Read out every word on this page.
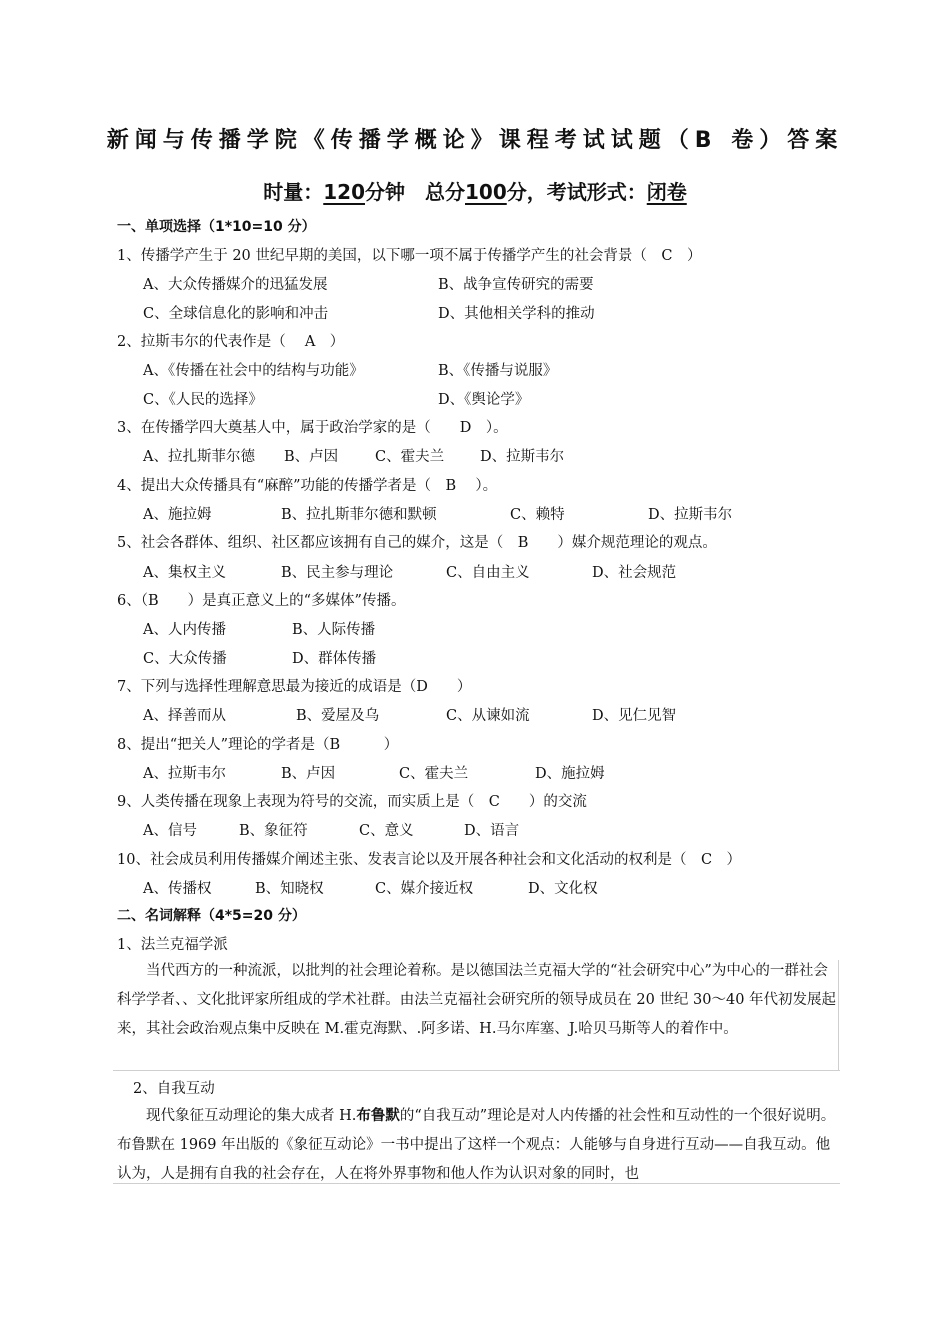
新闻与传播学院《传播学概论》课程考试试题（B 卷）答案
时量：120分钟　总分100分，考试形式：闭卷
一、单项选择（1*10=10 分）
1、传播学产生于 20 世纪早期的美国，以下哪一项不属于传播学产生的社会背景（　C　）
A、大众传播媒介的迅猛发展	B、战争宣传研究的需要
C、全球信息化的影响和冲击	D、其他相关学科的推动
2、拉斯韦尔的代表作是（　 A　）
A、《传播在社会中的结构与功能》	B、《传播与说服》
C、《人民的选择》	D、《舆论学》
3、在传播学四大奠基人中，属于政治学家的是（　　D　）。
A、拉扎斯菲尔德 B、卢因	C、霍夫兰 D、拉斯韦尔
4、提出大众传播具有“麻醉”功能的传播学者是（　B　 ）。
A、施拉姆	B、拉扎斯菲尔德和默顿	C、赖特	D、拉斯韦尔
5、社会各群体、组织、社区都应该拥有自己的媒介，这是（　B　　）媒介规范理论的观点。
A、集权主义	B、民主参与理论	C、自由主义	D、社会规范
6、（B　　）是真正意义上的“多媒体”传播。
A、人内传播	B、人际传播
C、大众传播	D、群体传播
7、下列与选择性理解意思最为接近的成语是（D　　）
A、择善而从	B、爱屋及乌	C、从谏如流	D、见仁见智
8、提出“把关人”理论的学者是（B　　　）
A、拉斯韦尔	B、卢因	C、霍夫兰	D、施拉姆
9、人类传播在现象上表现为符号的交流，而实质上是（　C　　）的交流
A、信号	B、象征符	C、意义	D、语言
10、社会成员利用传播媒介阐述主张、发表言论以及开展各种社会和文化活动的权利是（　C　）
A、传播权	B、知晓权	C、媒介接近权	D、文化权
二、名词解释（4*5=20 分）
1、法兰克福学派

当代西方的一种流派，以批判的社会理论着称。是以德国法兰克福大学的“社会研究中心”为中心的一群社会科学学者、、文化批评家所组成的学术社群。由法兰克福社会研究所的领导成员在 20 世纪 30～40 年代初发展起来，其社会政治观点集中反映在 M.霍克海默、.阿多诺、H.马尔库塞、J.哈贝马斯等人的着作中。

2、自我互动

现代象征互动理论的集大成者 H.布鲁默的“自我互动”理论是对人内传播的社会性和互动性的一个很好说明。布鲁默在 1969 年出版的《象征互动论》一书中提出了这样一个观点：人能够与自身进行互动——自我互动。他认为，人是拥有自我的社会存在，人在将外界事物和他人作为认识对象的同时，也
